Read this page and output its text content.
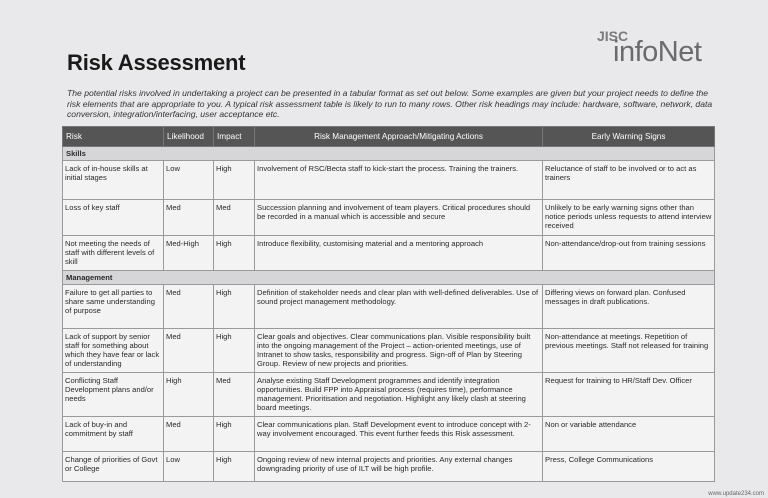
Risk Assessment
JISC
infoNet
The potential risks involved in undertaking a project can be presented in a tabular format as set out below. Some examples are given but your project needs to define the risk elements that are appropriate to you. A typical risk assessment table is likely to run to many rows. Other risk headings may include: hardware, software, network, data conversion, integration/interfacing, user acceptance etc.
Risk	Likelihood	Impact	Risk Management Approach/Mitigating Actions	Early Warning Signs
Skills				
Lack of in-house skills at initial stages	Low	High	Involvement of RSC/Becta staff to kick-start the process. Training the trainers.	Reluctance of staff to be involved or to act as trainers
Loss of key staff	Med	Med	Succession planning and involvement of team players. Critical procedures should be recorded in a manual which is accessible and secure	Unlikely to be early warning signs other than notice periods unless requests to attend interview received
Not meeting the needs of staff with different levels of skill	Med-High	High	Introduce flexibility, customising material and a mentoring approach	Non-attendance/drop-out from training sessions
Management				
Failure to get all parties to share same understanding of purpose	Med	High	Definition of stakeholder needs and clear plan with well-defined deliverables. Use of sound project management methodology.	Differing views on forward plan. Confused messages in draft publications.
Lack of support by senior staff for something about which they have fear or lack of understanding	Med	High	Clear goals and objectives. Clear communications plan. Visible responsibility built into the ongoing management of the Project – action-oriented meetings, use of Intranet to show tasks, responsibility and progress. Sign-off of Plan by Steering Group. Review of new projects and priorities.	Non-attendance at meetings. Repetition of previous meetings. Staff not released for training
Conflicting Staff Development plans and/or needs	High	Med	Analyse existing Staff Development programmes and identify integration opportunities. Build FPP into Appraisal process (requires time), performance management. Prioritisation and negotiation. Highlight any likely clash at steering board meetings.	Request for training to HR/Staff Dev. Officer
Lack of buy-in and commitment by staff	Med	High	Clear communications plan. Staff Development event to introduce concept with 2-way involvement encouraged. This event further feeds this Risk assessment.	Non or variable attendance
Change of priorities of Govt or College	Low	High	Ongoing review of new internal projects and priorities. Any external changes downgrading priority of use of ILT will be high profile.	Press, College Communications
www.update234.com
